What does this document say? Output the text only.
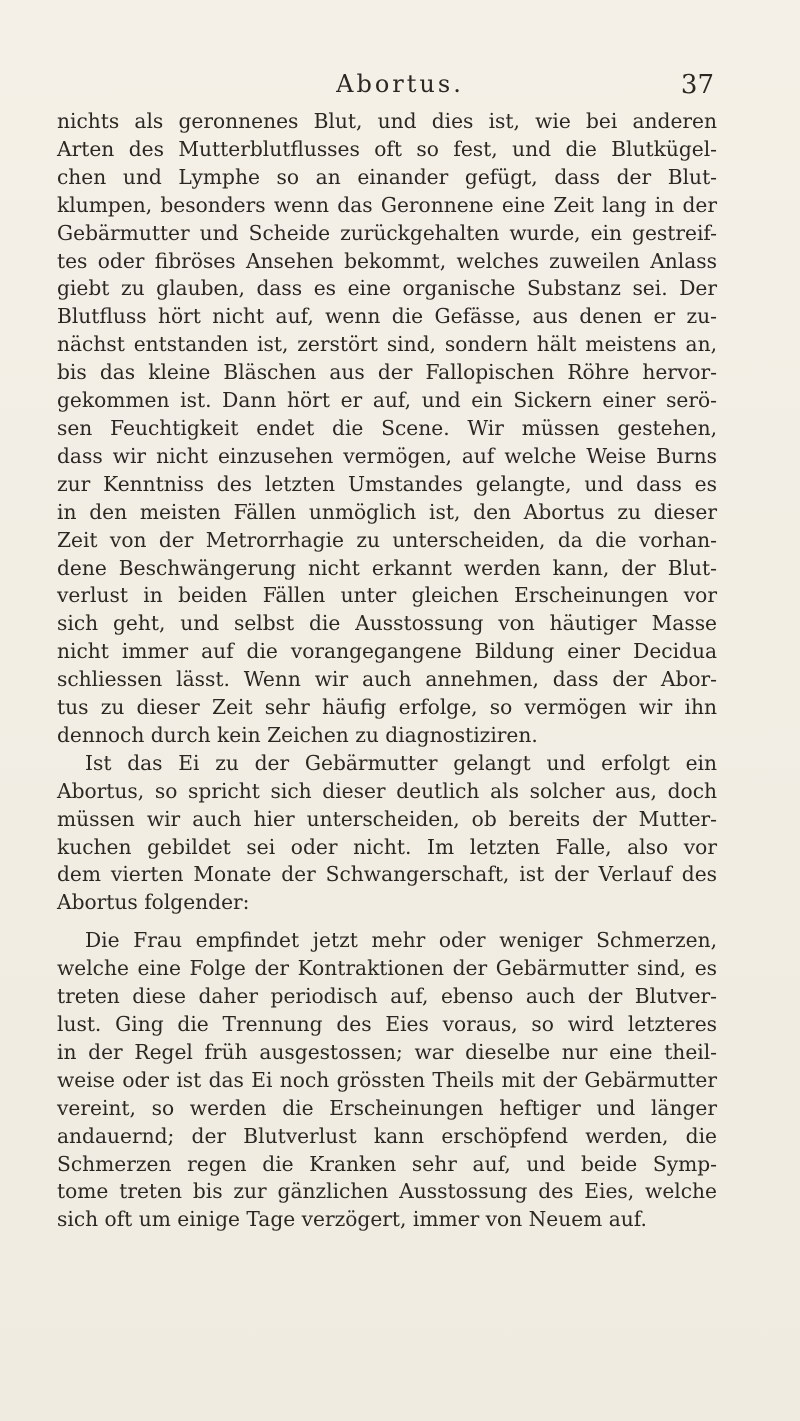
Abortus.	37
nichts als geronnenes Blut, und dies ist, wie bei anderen
Arten des Mutterblutflusses oft so fest, und die Blutkügel-
chen und Lymphe so an einander gefügt, dass der Blut-
klumpen, besonders wenn das Geronnene eine Zeit lang in der
Gebärmutter und Scheide zurückgehalten wurde, ein gestreif-
tes oder fibröses Ansehen bekommt, welches zuweilen Anlass
giebt zu glauben, dass es eine organische Substanz sei. Der
Blutfluss hört nicht auf, wenn die Gefässe, aus denen er zu-
nächst entstanden ist, zerstört sind, sondern hält meistens an,
bis das kleine Bläschen aus der Fallopischen Röhre hervor-
gekommen ist. Dann hört er auf, und ein Sickern einer serö-
sen Feuchtigkeit endet die Scene. Wir müssen gestehen,
dass wir nicht einzusehen vermögen, auf welche Weise Burns
zur Kenntniss des letzten Umstandes gelangte, und dass es
in den meisten Fällen unmöglich ist, den Abortus zu dieser
Zeit von der Metrorrhagie zu unterscheiden, da die vorhan-
dene Beschwängerung nicht erkannt werden kann, der Blut-
verlust in beiden Fällen unter gleichen Erscheinungen vor
sich geht, und selbst die Ausstossung von häutiger Masse
nicht immer auf die vorangegangene Bildung einer Decidua
schliessen lässt. Wenn wir auch annehmen, dass der Abor-
tus zu dieser Zeit sehr häufig erfolge, so vermögen wir ihn
dennoch durch kein Zeichen zu diagnostiziren.
Ist das Ei zu der Gebärmutter gelangt und erfolgt ein
Abortus, so spricht sich dieser deutlich als solcher aus, doch
müssen wir auch hier unterscheiden, ob bereits der Mutter-
kuchen gebildet sei oder nicht. Im letzten Falle, also vor
dem vierten Monate der Schwangerschaft, ist der Verlauf des
Abortus folgender:
Die Frau empfindet jetzt mehr oder weniger Schmerzen,
welche eine Folge der Kontraktionen der Gebärmutter sind, es
treten diese daher periodisch auf, ebenso auch der Blutver-
lust. Ging die Trennung des Eies voraus, so wird letzteres
in der Regel früh ausgestossen; war dieselbe nur eine theil-
weise oder ist das Ei noch grössten Theils mit der Gebärmutter
vereint, so werden die Erscheinungen heftiger und länger
andauernd; der Blutverlust kann erschöpfend werden, die
Schmerzen regen die Kranken sehr auf, und beide Symp-
tome treten bis zur gänzlichen Ausstossung des Eies, welche
sich oft um einige Tage verzögert, immer von Neuem auf.
